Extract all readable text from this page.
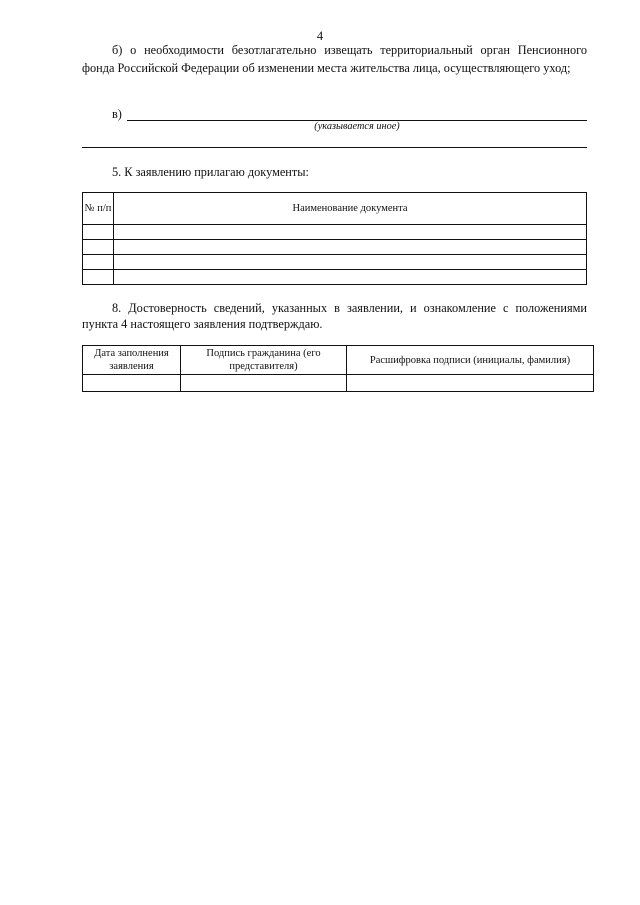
4
б) о необходимости безотлагательно извещать территориальный орган Пенсионного фонда Российской Федерации об изменении места жительства лица, осуществляющего уход;
в)
(указывается иное)
5. К заявлению прилагаю документы:
№ п/п	Наименование документа

8. Достоверность сведений, указанных в заявлении, и ознакомление с положениями пункта 4 настоящего заявления подтверждаю.
Дата заполнения заявления	Подпись гражданина (его представителя)	Расшифровка подписи (инициалы, фамилия)
